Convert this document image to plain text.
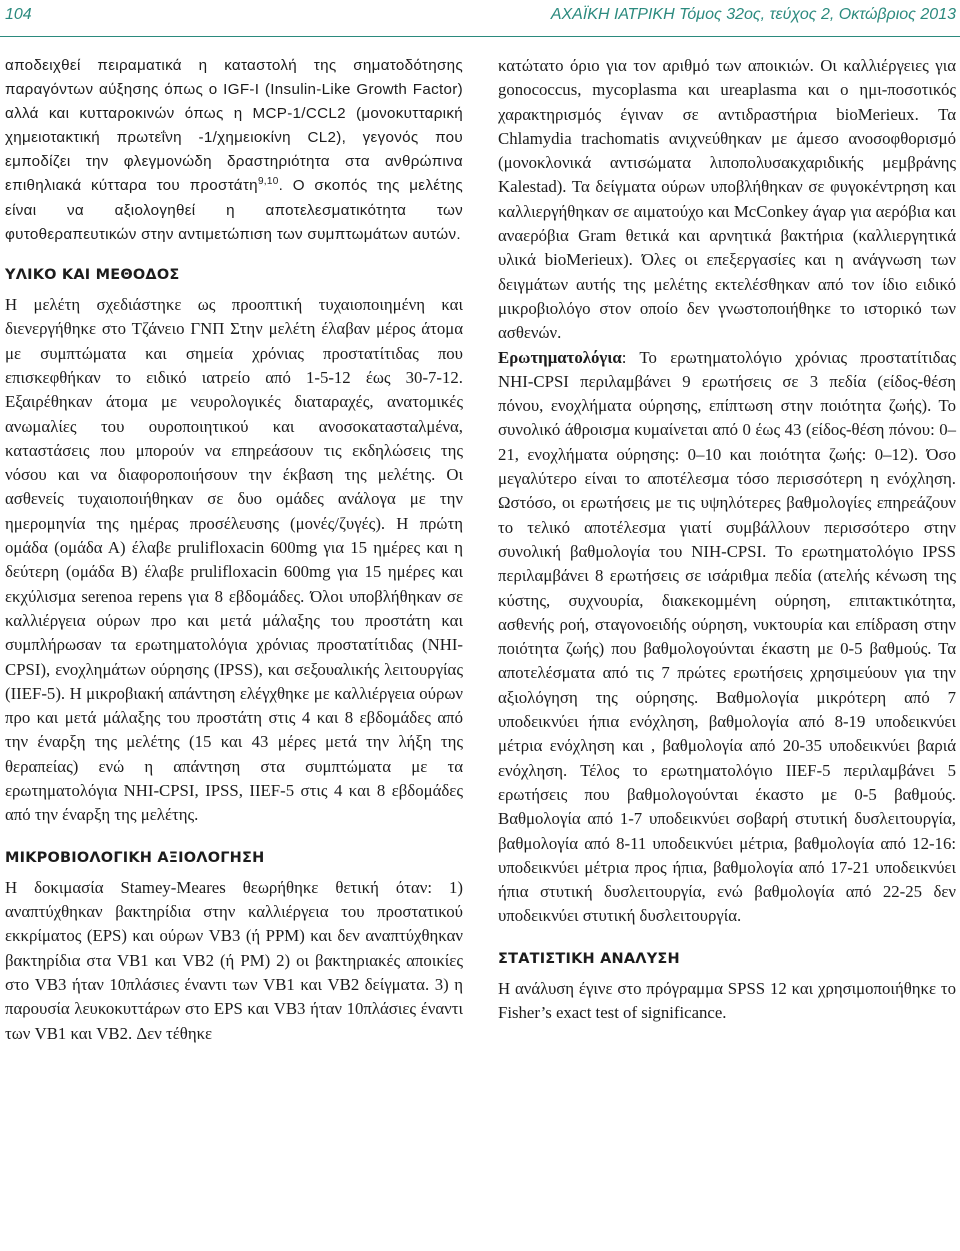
104	ΑΧΑΪΚΗ ΙΑΤΡΙΚΗ Τόμος 32ος, τεύχος 2, Οκτώβριος 2013

αποδειχθεί πειραματικά η καταστολή της σηματοδότησης παραγόντων αύξησης όπως ο IGF-I (Insulin-Like Growth Factor) αλλά και κυτταροκινών όπως η MCP-1/CCL2 (μονοκυτταρική χημειοτακτική πρωτεΐνη -1/χημειοκίνη CL2), γεγονός που εμποδίζει την φλεγμονώδη δραστηριότητα στα ανθρώπινα επιθηλιακά κύτταρα του προστάτη$^{9,10}$. Ο σκοπός της μελέτης είναι να αξιολογηθεί η αποτελεσματικότητα των φυτοθεραπευτικών στην αντιμετώπιση των συμπτωμάτων αυτών.

ΥΛΙΚΟ ΚΑΙ ΜΕΘΟΔΟΣ

Η μελέτη σχεδιάστηκε ως προοπτική τυχαιοποιημένη και διενεργήθηκε στο Τζάνειο ΓΝΠ Στην μελέτη έλαβαν μέρος άτομα με συμπτώματα και σημεία χρόνιας προστατίτιδας που επισκεφθήκαν το ειδικό ιατρείο από 1-5-12 έως 30-7-12. Εξαιρέθηκαν άτομα με νευρολογικές διαταραχές, ανατομικές ανωμαλίες του ουροποιητικού και ανοσοκατασταλμένα, καταστάσεις που μπορούν να επηρεάσουν τις εκδηλώσεις της νόσου και να διαφοροποιήσουν την έκβαση της μελέτης. Οι ασθενείς τυχαιοποιήθηκαν σε δυο ομάδες ανάλογα με την ημερομηνία της ημέρας προσέλευσης (μονές/ζυγές). Η πρώτη ομάδα (ομάδα Α) έλαβε prulifloxacin 600mg για 15 ημέρες και η δεύτερη (ομάδα Β) έλαβε prulifloxacin 600mg για 15 ημέρες και εκχύλισμα serenoa repens για 8 εβδομάδες. Όλοι υποβλήθηκαν σε καλλιέργεια ούρων προ και μετά μάλαξης του προστάτη και συμπλήρωσαν τα ερωτηματολόγια χρόνιας προστατίτιδας (NHI-CPSI), ενοχλημάτων ούρησης (IPSS), και σεξουαλικής λειτουργίας (IIEF-5). Η μικροβιακή απάντηση ελέγχθηκε με καλλιέργεια ούρων προ και μετά μάλαξης του προστάτη στις 4 και 8 εβδομάδες από την έναρξη της μελέτης (15 και 43 μέρες μετά την λήξη της θεραπείας) ενώ η απάντηση στα συμπτώματα με τα ερωτηματολόγια NHI-CPSI, IPSS, IIEF-5 στις 4 και 8 εβδομάδες από την έναρξη της μελέτης.

ΜΙΚΡΟΒΙΟΛΟΓΙΚΗ ΑΞΙΟΛΟΓΗΣΗ

Η δοκιμασία Stamey-Meares θεωρήθηκε θετική όταν: 1) αναπτύχθηκαν βακτηρίδια στην καλλιέργεια του προστατικού εκκρίματος (EPS) και ούρων VB3 (ή PPM) και δεν αναπτύχθηκαν βακτηρίδια στα VB1 και VB2 (ή PM) 2) οι βακτηριακές αποικίες στο VB3 ήταν 10πλάσιες έναντι των VB1 και VB2 δείγματα. 3) η παρουσία λευκοκυττάρων στο EPS και VB3 ήταν 10πλάσιες έναντι των VB1 και VB2. Δεν τέθηκε

κατώτατο όριο για τον αριθμό των αποικιών. Οι καλλιέργειες για gonococcus, mycoplasma και ureaplasma και ο ημι-ποσοτικός χαρακτηρισμός έγιναν σε αντιδραστήρια bioMerieux. Τα Chlamydia trachomatis ανιχνεύθηκαν με άμεσο ανοσοφθορισμό (μονοκλονικά αντισώματα λιποπολυσακχαριδικής μεμβράνης Kalestad). Τα δείγματα ούρων υποβλήθηκαν σε φυγοκέντρηση και καλλιεργήθηκαν σε αιματούχο και McConkey άγαρ για αερόβια και αναερόβια Gram θετικά και αρνητικά βακτήρια (καλλιεργητικά υλικά bioMerieux). Όλες οι επεξεργασίες και η ανάγνωση των δειγμάτων αυτής της μελέτης εκτελέσθηκαν από τον ίδιο ειδικό μικροβιολόγο στον οποίο δεν γνωστοποιήθηκε το ιστορικό των ασθενών.

Ερωτηματολόγια: Το ερωτηματολόγιο χρόνιας προστατίτιδας NHI-CPSI περιλαμβάνει 9 ερωτήσεις σε 3 πεδία (είδος-θέση πόνου, ενοχλήματα ούρησης, επίπτωση στην ποιότητα ζωής). Το συνολικό άθροισμα κυμαίνεται από 0 έως 43 (είδος-θέση πόνου: 0–21, ενοχλήματα ούρησης: 0–10 και ποιότητα ζωής: 0–12). Όσο μεγαλύτερο είναι το αποτέλεσμα τόσο περισσότερη η ενόχληση. Ωστόσο, οι ερωτήσεις με τις υψηλότερες βαθμολογίες επηρεάζουν το τελικό αποτέλεσμα γιατί συμβάλλουν περισσότερο στην συνολική βαθμολογία του NIH-CPSI. Το ερωτηματολόγιο IPSS περιλαμβάνει 8 ερωτήσεις σε ισάριθμα πεδία (ατελής κένωση της κύστης, συχνουρία, διακεκομμένη ούρηση, επιτακτικότητα, ασθενής ροή, σταγονοειδής ούρηση, νυκτουρία και επίδραση στην ποιότητα ζωής) που βαθμολογούνται έκαστη με 0-5 βαθμούς. Τα αποτελέσματα από τις 7 πρώτες ερωτήσεις χρησιμεύουν για την αξιολόγηση της ούρησης. Βαθμολογία μικρότερη από 7 υποδεικνύει ήπια ενόχληση, βαθμολογία από 8-19 υποδεικνύει μέτρια ενόχληση και , βαθμολογία από 20-35 υποδεικνύει βαριά ενόχληση. Τέλος το ερωτηματολόγιο IIEF-5 περιλαμβάνει 5 ερωτήσεις που βαθμολογούνται έκαστο με 0-5 βαθμούς. Βαθμολογία από 1-7 υποδεικνύει σοβαρή στυτική δυσλειτουργία, βαθμολογία από 8-11 υποδεικνύει μέτρια, βαθμολογία από 12-16: υποδεικνύει μέτρια προς ήπια, βαθμολογία από 17-21 υποδεικνύει ήπια στυτική δυσλειτουργία, ενώ βαθμολογία από 22-25 δεν υποδεικνύει στυτική δυσλειτουργία.

ΣΤΑΤΙΣΤΙΚΗ ΑΝΑΛΥΣΗ

Η ανάλυση έγινε στο πρόγραμμα SPSS 12 και χρησιμοποιήθηκε το Fisher’s exact test of significance.
